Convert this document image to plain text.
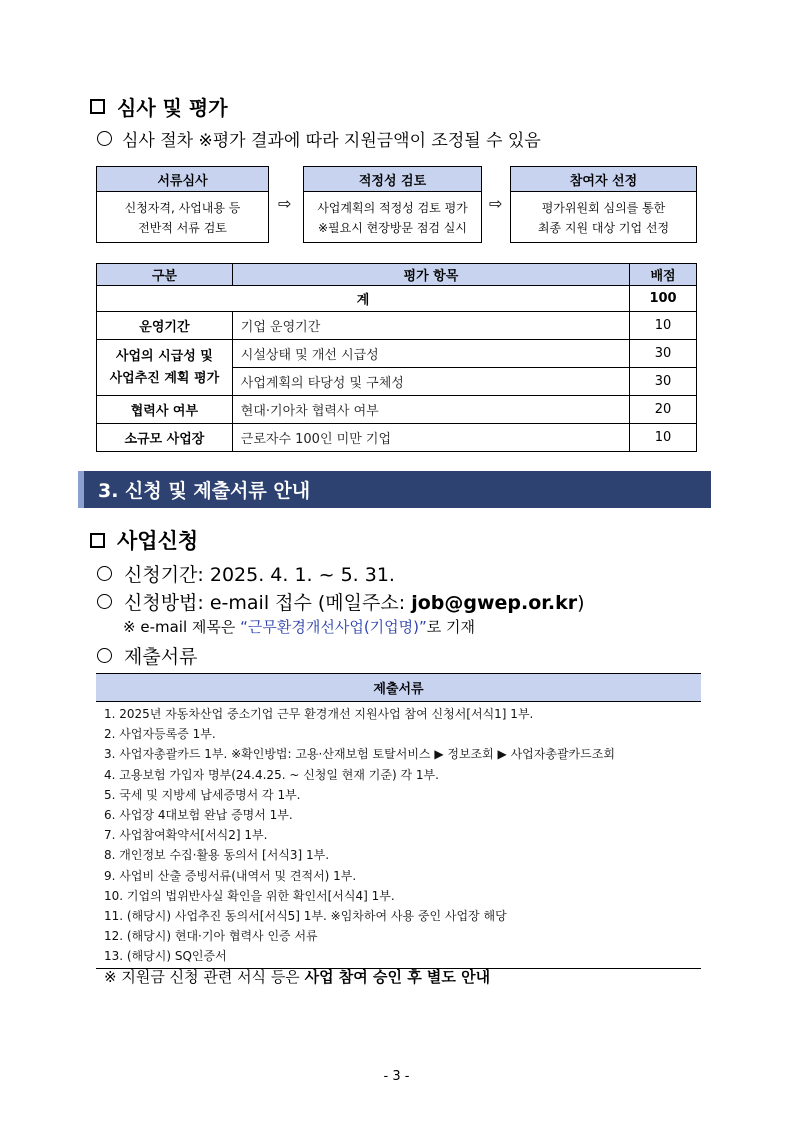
심사 및 평가
심사 절차 ※평가 결과에 따라 지원금액이 조정될 수 있음
서류심사
신청자격, 사업내용 등
전반적 서류 검토
⇨
적정성 검토
사업계획의 적정성 검토 평가
※필요시 현장방문 점검 실시
⇨
참여자 선정
평가위원회 심의를 통한
최종 지원 대상 기업 선정
구분	평가 항목	배점
계		100
운영기간	기업 운영기간	10

사업의 시급성 및
사업추진 계획 평가	시설상태 및 개선 시급성	30
	사업계획의 타당성 및 구체성	30
협력사 여부	현대·기아차 협력사 여부	20
소규모 사업장	근로자수 100인 미만 기업	10
3. 신청 및 제출서류 안내
사업신청
신청기간: 2025. 4. 1. ~ 5. 31.
신청방법: e-mail 접수 (메일주소: job@gwep.or.kr)
※ e-mail 제목은 “근무환경개선사업(기업명)”로 기재
제출서류
제출서류
1. 2025년 자동차산업 중소기업 근무 환경개선 지원사업 참여 신청서[서식1] 1부.
2. 사업자등록증 1부.
3. 사업자총괄카드 1부. ※확인방법: 고용·산재보험 토탈서비스 ▶ 정보조회 ▶ 사업자총괄카드조회
4. 고용보험 가입자 명부(24.4.25. ~ 신청일 현재 기준) 각 1부.
5. 국세 및 지방세 납세증명서 각 1부.
6. 사업장 4대보험 완납 증명서 1부.
7. 사업참여확약서[서식2] 1부.
8. 개인정보 수집·활용 동의서 [서식3] 1부.
9. 사업비 산출 증빙서류(내역서 및 견적서) 1부.
10. 기업의 법위반사실 확인을 위한 확인서[서식4] 1부.
11. (해당시) 사업추진 동의서[서식5] 1부. ※임차하여 사용 중인 사업장 해당
12. (해당시) 현대·기아 협력사 인증 서류
13. (해당시) SQ인증서
※ 지원금 신청 관련 서식 등은 사업 참여 승인 후 별도 안내
- 3 -
